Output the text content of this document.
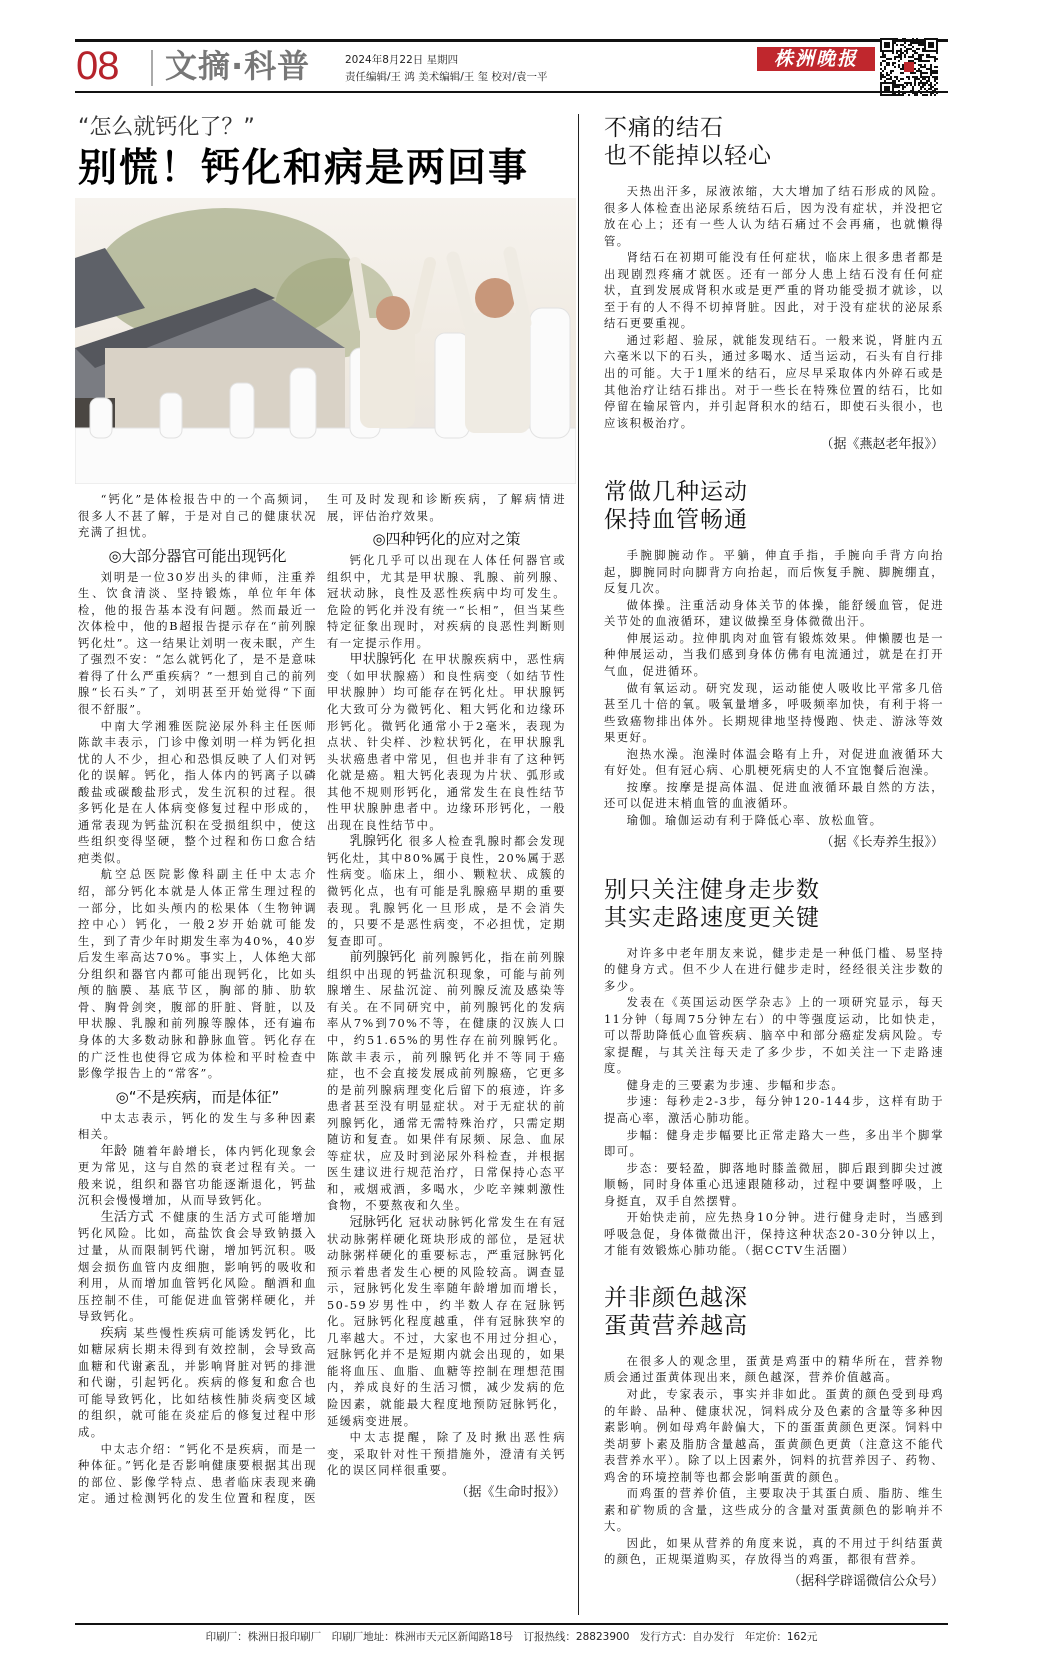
08 文摘·科普	2024年8月22日 星期四
责任编辑/王 鸿 美术编辑/王 玺 校对/袁一平
株洲晚报
“怎么就钙化了？”
别慌！钙化和病是两回事

“钙化”是体检报告中的一个高频词，很多人不甚了解，于是对自己的健康状况充满了担忧。

◎大部分器官可能出现钙化

刘明是一位30岁出头的律师，注重养生、饮食清淡、坚持锻炼，单位年年体检，他的报告基本没有问题。然而最近一次体检中，他的B超报告提示存在“前列腺钙化灶”。这一结果让刘明一夜未眠，产生了强烈不安：“怎么就钙化了，是不是意味着得了什么严重疾病？”一想到自己的前列腺“长石头”了，刘明甚至开始觉得“下面很不舒服”。

中南大学湘雅医院泌尿外科主任医师陈歆丰表示，门诊中像刘明一样为钙化担忧的人不少，担心和恐惧反映了人们对钙化的误解。钙化，指人体内的钙离子以磷酸盐或碳酸盐形式，发生沉积的过程。很多钙化是在人体病变修复过程中形成的，通常表现为钙盐沉积在受损组织中，使这些组织变得坚硬，整个过程和伤口愈合结疤类似。

航空总医院影像科副主任中太志介绍，部分钙化本就是人体正常生理过程的一部分，比如头颅内的松果体（生物钟调控中心）钙化，一般2岁开始就可能发生，到了青少年时期发生率为40%，40岁后发生率高达70%。事实上，人体绝大部分组织和器官内都可能出现钙化，比如头颅的脑膜、基底节区，胸部的肺、肋软骨、胸骨剑突，腹部的肝脏、肾脏，以及甲状腺、乳腺和前列腺等腺体，还有遍布身体的大多数动脉和静脉血管。钙化存在的广泛性也使得它成为体检和平时检查中影像学报告上的“常客”。

◎“不是疾病，而是体征”

中太志表示，钙化的发生与多种因素相关。

年龄 随着年龄增长，体内钙化现象会更为常见，这与自然的衰老过程有关。一般来说，组织和器官功能逐渐退化，钙盐沉积会慢慢增加，从而导致钙化。

生活方式 不健康的生活方式可能增加钙化风险。比如，高盐饮食会导致钠摄入过量，从而限制钙代谢，增加钙沉积。吸烟会损伤血管内皮细胞，影响钙的吸收和利用，从而增加血管钙化风险。酗酒和血压控制不佳，可能促进血管粥样硬化，并导致钙化。

疾病 某些慢性疾病可能诱发钙化，比如糖尿病长期未得到有效控制，会导致高血糖和代谢紊乱，并影响肾脏对钙的排泄和代谢，引起钙化。疾病的修复和愈合也可能导致钙化，比如结核性肺炎病变区域的组织，就可能在炎症后的修复过程中形成。

中太志介绍：“钙化不是疾病，而是一种体征。”钙化是否影响健康要根据其出现的部位、影像学特点、患者临床表现来确定。通过检测钙化的发生位置和程度，医生可及时发现和诊断疾病，了解病情进展，评估治疗效果。

◎四种钙化的应对之策

钙化几乎可以出现在人体任何器官或组织中，尤其是甲状腺、乳腺、前列腺、冠状动脉，良性及恶性疾病中均可发生。危险的钙化并没有统一“长相”，但当某些特定征象出现时，对疾病的良恶性判断则有一定提示作用。

甲状腺钙化 在甲状腺疾病中，恶性病变（如甲状腺癌）和良性病变（如结节性甲状腺肿）均可能存在钙化灶。甲状腺钙化大致可分为微钙化、粗大钙化和边缘环形钙化。微钙化通常小于2毫米，表现为点状、针尖样、沙粒状钙化，在甲状腺乳头状癌患者中常见，但也并非有了这种钙化就是癌。粗大钙化表现为片状、弧形或其他不规则形钙化，通常发生在良性结节性甲状腺肿患者中。边缘环形钙化，一般出现在良性结节中。

乳腺钙化 很多人检查乳腺时都会发现钙化灶，其中80%属于良性，20%属于恶性病变。临床上，细小、颗粒状、成簇的微钙化点，也有可能是乳腺癌早期的重要表现。乳腺钙化一旦形成，是不会消失的，只要不是恶性病变，不必担忧，定期复查即可。

前列腺钙化 前列腺钙化，指在前列腺组织中出现的钙盐沉积现象，可能与前列腺增生、尿盐沉淀、前列腺反流及感染等有关。在不同研究中，前列腺钙化的发病率从7%到70%不等，在健康的汉族人口中，约51.65%的男性存在前列腺钙化。陈歆丰表示，前列腺钙化并不等同于癌症，也不会直接发展成前列腺癌，它更多的是前列腺病理变化后留下的痕迹，许多患者甚至没有明显症状。对于无症状的前列腺钙化，通常无需特殊治疗，只需定期随访和复查。如果伴有尿频、尿急、血尿等症状，应及时到泌尿外科检查，并根据医生建议进行规范治疗，日常保持心态平和，戒烟戒酒，多喝水，少吃辛辣刺激性食物，不要熬夜和久坐。

冠脉钙化 冠状动脉钙化常发生在有冠状动脉粥样硬化斑块形成的部位，是冠状动脉粥样硬化的重要标志，严重冠脉钙化预示着患者发生心梗的风险较高。调查显示，冠脉钙化发生率随年龄增加而增长，50-59岁男性中，约半数人存在冠脉钙化。冠脉钙化程度越重，伴有冠脉狭窄的几率越大。不过，大家也不用过分担心，冠脉钙化并不是短期内就会出现的，如果能将血压、血脂、血糖等控制在理想范围内，养成良好的生活习惯，减少发病的危险因素，就能最大程度地预防冠脉钙化，延缓病变进展。

中太志提醒，除了及时揪出恶性病变，采取针对性干预措施外，澄清有关钙化的误区同样很重要。

（据《生命时报》）

不痛的结石
也不能掉以轻心

天热出汗多，尿液浓缩，大大增加了结石形成的风险。很多人体检查出泌尿系统结石后，因为没有症状，并没把它放在心上；还有一些人认为结石痛过不会再痛，也就懒得管。

肾结石在初期可能没有任何症状，临床上很多患者都是出现剧烈疼痛才就医。还有一部分人患上结石没有任何症状，直到发展成肾积水或是更严重的肾功能受损才就诊，以至于有的人不得不切掉肾脏。因此，对于没有症状的泌尿系结石更要重视。

通过彩超、验尿，就能发现结石。一般来说，肾脏内五六毫米以下的石头，通过多喝水、适当运动，石头有自行排出的可能。大于1厘米的结石，应尽早采取体内外碎石或是其他治疗让结石排出。对于一些长在特殊位置的结石，比如停留在输尿管内，并引起肾积水的结石，即使石头很小，也应该积极治疗。

（据《燕赵老年报》）

常做几种运动
保持血管畅通

手腕脚腕动作。平躺，伸直手指，手腕向手背方向抬起，脚腕同时向脚背方向抬起，而后恢复手腕、脚腕绷直，反复几次。

做体操。注重活动身体关节的体操，能舒缓血管，促进关节处的血液循环，建议做操至身体微微出汗。

伸展运动。拉伸肌肉对血管有锻炼效果。伸懒腰也是一种伸展运动，当我们感到身体仿佛有电流通过，就是在打开气血，促进循环。

做有氧运动。研究发现，运动能使人吸收比平常多几倍甚至几十倍的氧。吸氧量增多，呼吸频率加快，有利于将一些致癌物排出体外。长期规律地坚持慢跑、快走、游泳等效果更好。

泡热水澡。泡澡时体温会略有上升，对促进血液循环大有好处。但有冠心病、心肌梗死病史的人不宜饱餐后泡澡。

按摩。按摩是提高体温、促进血液循环最自然的方法，还可以促进末梢血管的血液循环。

瑜伽。瑜伽运动有利于降低心率、放松血管。

（据《长寿养生报》）

别只关注健身走步数
其实走路速度更关键

对许多中老年朋友来说，健步走是一种低门槛、易坚持的健身方式。但不少人在进行健步走时，经经很关注步数的多少。

发表在《英国运动医学杂志》上的一项研究显示，每天11分钟（每周75分钟左右）的中等强度运动，比如快走，可以帮助降低心血管疾病、脑卒中和部分癌症发病风险。专家提醒，与其关注每天走了多少步，不如关注一下走路速度。

健身走的三要素为步速、步幅和步态。

步速：每秒走2-3步，每分钟120-144步，这样有助于提高心率，激活心肺功能。

步幅：健身走步幅要比正常走路大一些，多出半个脚掌即可。

步态：要轻盈，脚落地时膝盖微屈，脚后跟到脚尖过渡顺畅，同时身体重心迅速跟随移动，过程中要调整呼吸，上身挺直，双手自然摆臂。

开始快走前，应先热身10分钟。进行健身走时，当感到呼吸急促，身体微微出汗，保持这种状态20-30分钟以上，才能有效锻炼心肺功能。（据CCTV生活圈）

并非颜色越深
蛋黄营养越高

在很多人的观念里，蛋黄是鸡蛋中的精华所在，营养物质会通过蛋黄体现出来，颜色越深，营养价值越高。

对此，专家表示，事实并非如此。蛋黄的颜色受到母鸡的年龄、品种、健康状况，饲料成分及色素的含量等多种因素影响。例如母鸡年龄偏大，下的蛋蛋黄颜色更深。饲料中类胡萝卜素及脂肪含量越高，蛋黄颜色更黄（注意这不能代表营养水平）。除了以上因素外，饲料的抗营养因子、药物、鸡舍的环境控制等也都会影响蛋黄的颜色。

而鸡蛋的营养价值，主要取决于其蛋白质、脂肪、维生素和矿物质的含量，这些成分的含量对蛋黄颜色的影响并不大。

因此，如果从营养的角度来说，真的不用过于纠结蛋黄的颜色，正规渠道购买，存放得当的鸡蛋，都很有营养。

（据科学辟谣微信公众号）

印刷厂：株洲日报印刷厂　印刷厂地址：株洲市天元区新闻路18号　订报热线：28823900　发行方式：自办发行　年定价：162元
